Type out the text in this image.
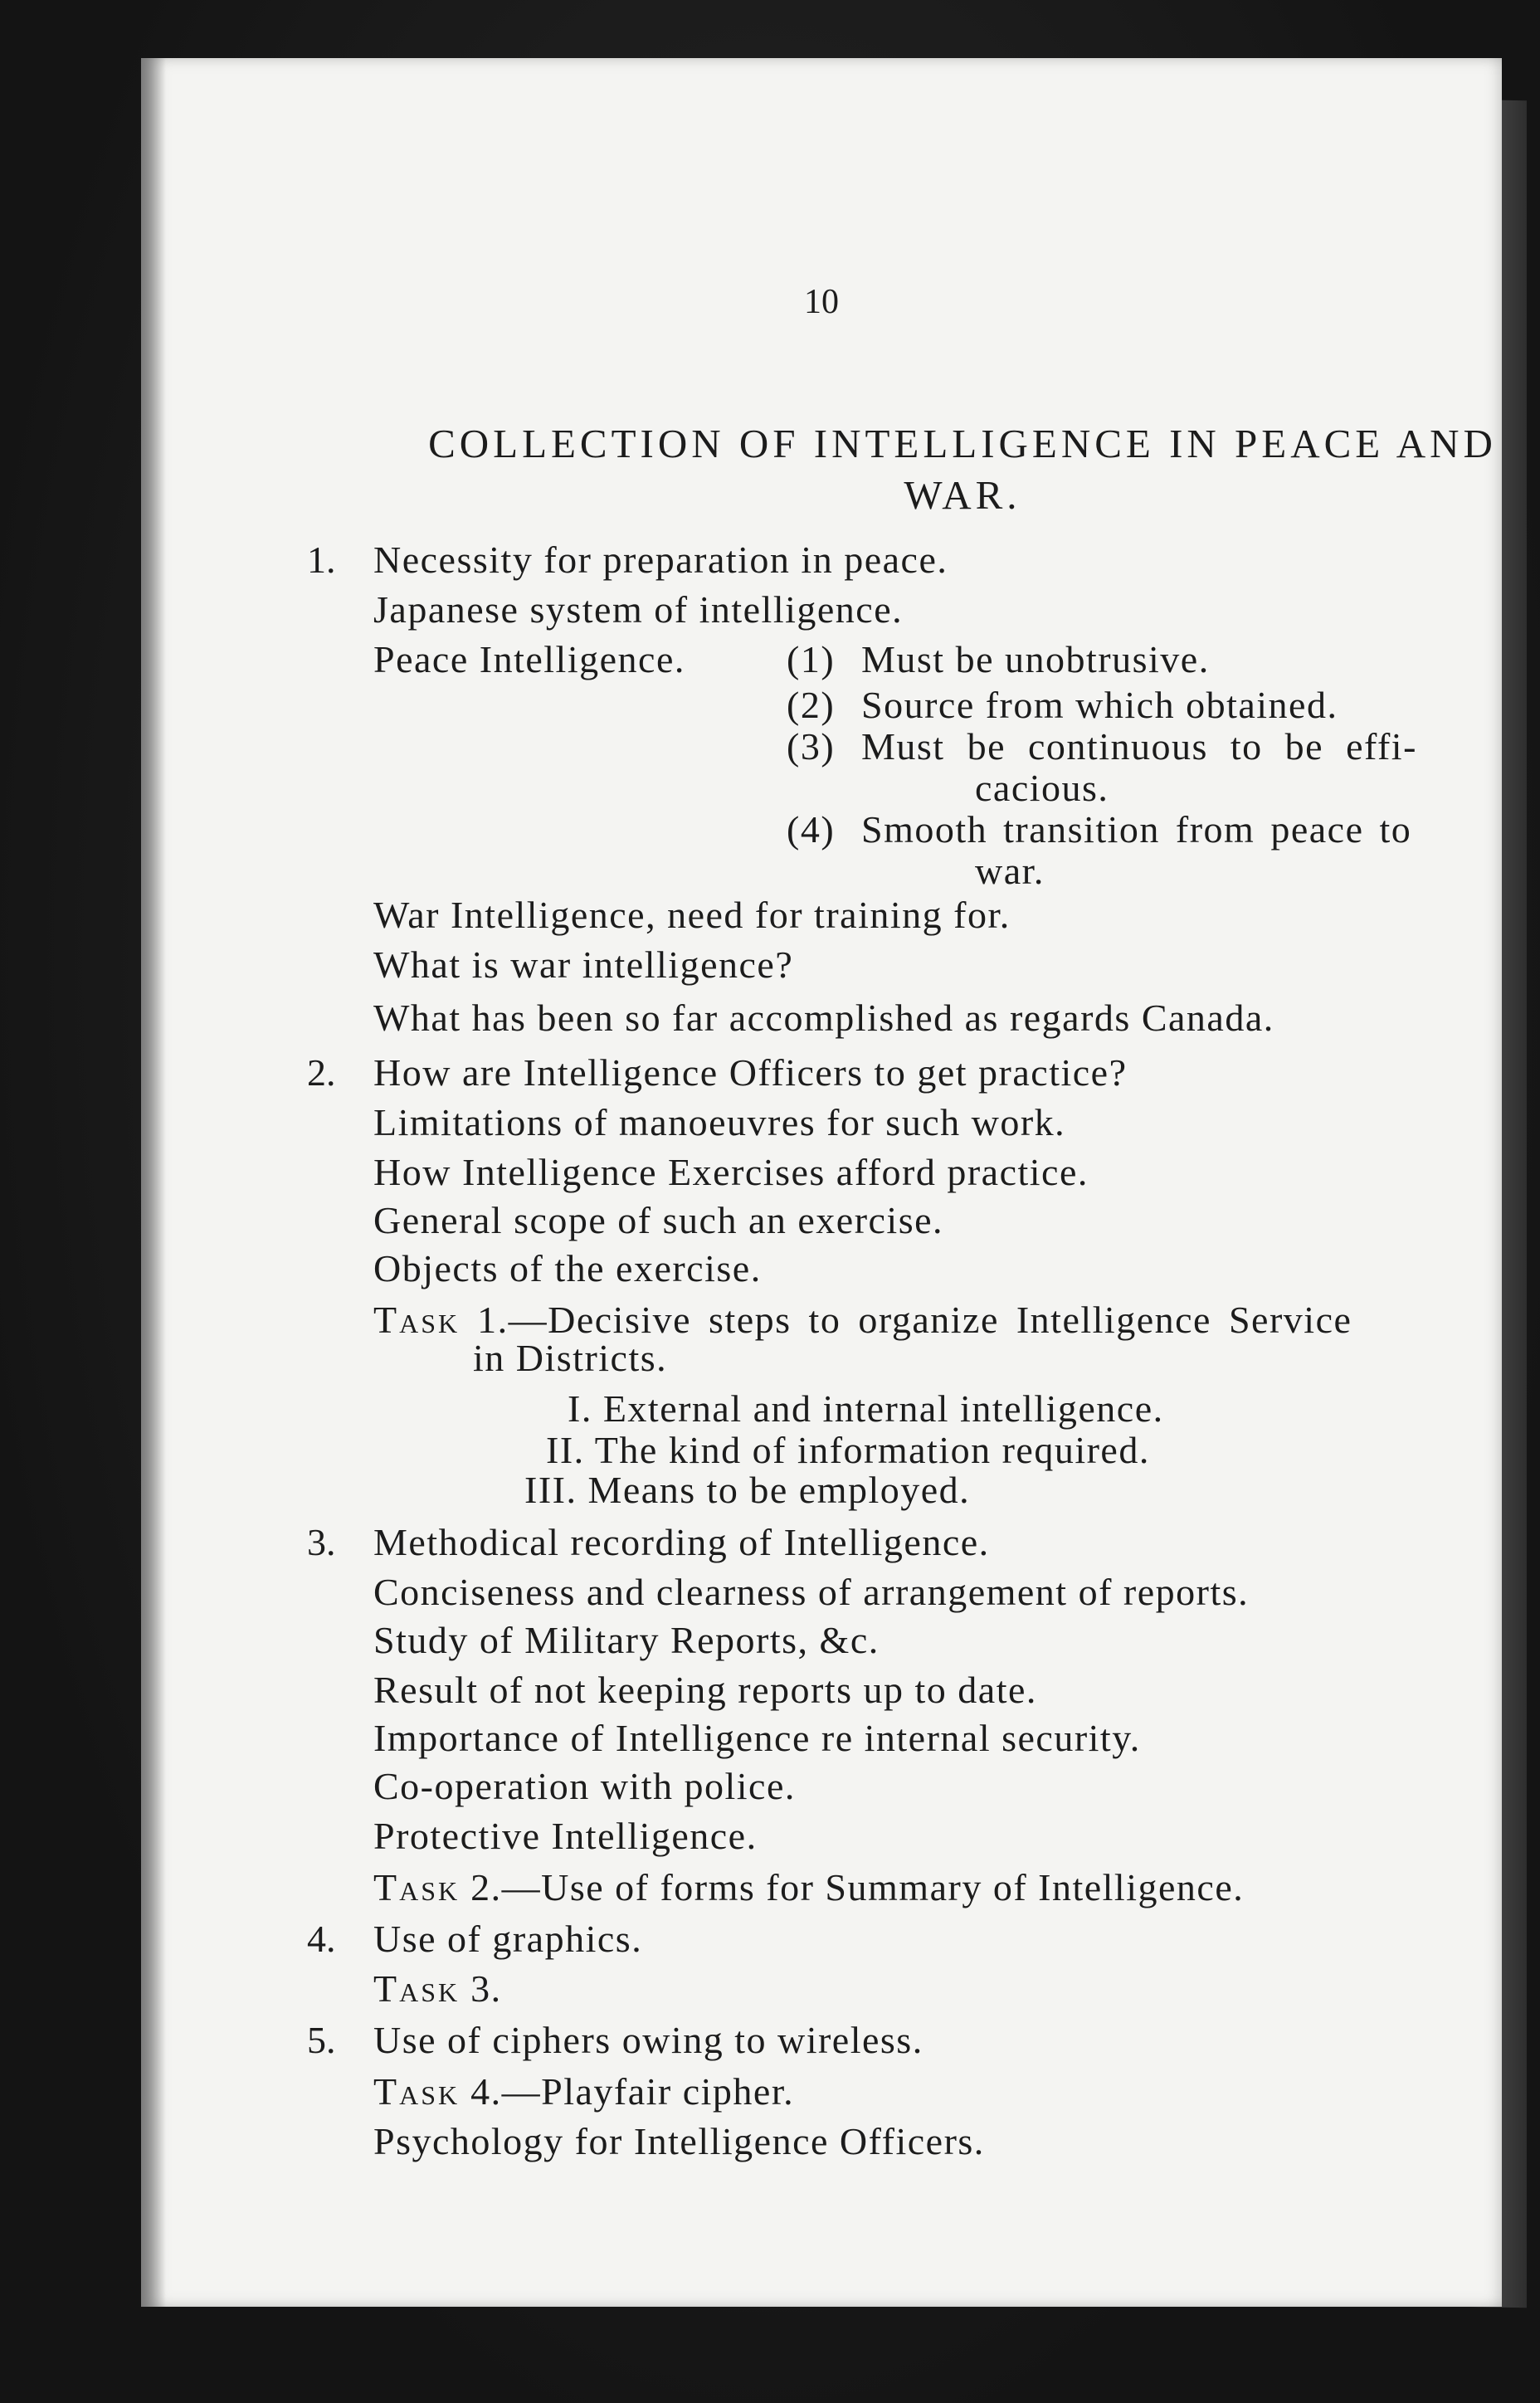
10
COLLECTION OF INTELLIGENCE IN PEACE AND
WAR.
1. Necessity for preparation in peace.
Japanese system of intelligence.
Peace Intelligence.	(1) Must be unobtrusive.
(2) Source from which obtained.
(3) Must be continuous to be effi-
cacious.
(4) Smooth transition from peace to
war.
War Intelligence, need for training for.
What is war intelligence?
What has been so far accomplished as regards Canada.
2. How are Intelligence Officers to get practice?
Limitations of manoeuvres for such work.
How Intelligence Exercises afford practice.
General scope of such an exercise.
Objects of the exercise.
Task 1.—Decisive steps to organize Intelligence Service
in Districts.
I. External and internal intelligence.
II. The kind of information required.
III. Means to be employed.
3. Methodical recording of Intelligence.
Conciseness and clearness of arrangement of reports.
Study of Military Reports, &c.
Result of not keeping reports up to date.
Importance of Intelligence re internal security.
Co-operation with police.
Protective Intelligence.
Task 2.—Use of forms for Summary of Intelligence.
4. Use of graphics.
Task 3.
5. Use of ciphers owing to wireless.
Task 4.—Playfair cipher.
Psychology for Intelligence Officers.
